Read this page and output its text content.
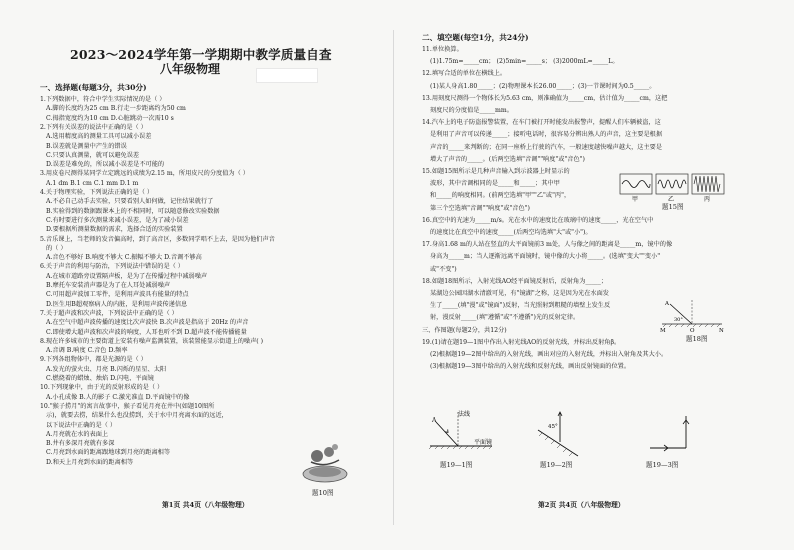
2023～2024学年第一学期期中教学质量自查
八年级物理
一、选择题(每题3分，共30分)
1.下列数据中，符合中学生实际情况的是（ ）
A.脚的长度约为25 cm B.行走一步距离约为50 cm
C.拇指宽度约为10 cm D.心脏跳动一次需10 s
2.下列有关误差的说法中正确的是（ ）
A.选用精度高的测量工具可以减小误差
B.误差就是测量中产生的错误
C.只要认真测量，就可以避免误差
D.误差是难免的，所以减小误差是不可能的
3.用皮卷尺测得某同学立定跳远的成绩为2.15 m，所用皮尺的分度值为（ ）
A.1 dm B.1 cm C.1 mm D.1 m
4.关于物理实验，下列说法正确的是（ ）
A.不必自己动手去实验，只要看别人如何做，记住结果就行了
B.实验得到的数据跟课本上的不相同时，可以随意修改实验数据
C.有时要进行多次测量来减小误差，是为了减小误差
D.要根据所测量数据的需求，选择合适的实验装置
5.音乐课上，当老师的发音偏高时，到了高音区，多数同学唱不上去，是因为他们声音
的（ ）
A.音色不够好 B.响度不够大 C.振幅不够大 D.音调不够高
6.关于声音的利用与防治，下列说法中错误的是（ ）
A.在城市道路旁设置隔声板，是为了在传播过程中减弱噪声
B.摩托车安装消声器是为了在人耳处减弱噪声
C.可用超声波加工零件，是利用声波具有能量的特点
D.医生用B超观察病人的内脏，是利用声波传递信息
7.关于超声波和次声波，下列说法中正确的是（ ）
A.在空气中超声波传播的速度比次声波快 B.次声波是指高于 20Hz 的声音
C.即使增大超声波和次声波的响度，人耳也听不到 D.超声波不能传播能量
8.现在许多城市的主要街道上安装有噪声监测装置，该装置能显示街道上的噪声( )
A.音调 B.响度 C.音色 D.频率
9.下列各组物体中，都是光源的是（ ）
A.发光的萤火虫、月亮 B.闪烁的星星、太阳
C.燃烧着的蜡烛、烛焰 D.闪电、平面镜
10.下列现象中，由于光的反射形成的是（ ）
A.小孔成像 B.人的影子 C.激光准直 D.平面镜中的像
10."猴子捞月"的寓言故事中，猴子看见月亮在井中(如题10图所
示)，就要去捞，结果什么也没捞到，关于水中月亮离水面的远近，
以下说法中正确的是（ ）
A.月亮就在水的表面上
B.井有多深月亮就有多深
C.月亮到水面的距离跟地球到月亮的距离相等
D.和天上月亮到水面的距离相等
题10图
第1页 共4页（八年级物理）
二、填空题(每空1分，共24分)
11.单位换算。
(1)1.75m=_____cm； (2)5min=_____s； (3)2000mL=_____L。
12.填写合适的单位在横线上。
(1)某人身高1.80_____；(2)物理课本长26.00_____；(3)一节课时间为0.5_____。
13.用刻度尺测得一个物体长为5.63 cm，则准确值为_____cm，估计值为_____cm，这把
刻度尺的分度值是_____mm。
14.汽车上的电子防盗报警装置，在车门被打开时能发出报警声，提醒人们车辆被盗，这
是利用了声音可以传递_____；接听电话时，很容易分辨出熟人的声音，这主要是根据
声音的_____来判断的；在同一座桥上行驶的汽车，一般速度越快噪声越大，这主要是
增大了声音的_____。(后两空选填"音调""响度"或"音色")
15.如题15图所示是几种声音输入到示波器上时显示的
波形，其中音调相同的是_____和_____；其中甲
和_____的响度相同。(前两空选填"甲""乙"或"丙"，
第三个空选填"音调""响度"或"音色")
16.真空中的光速为_____m/s。光在水中的速度比在玻璃中的速度_____，光在空气中
的速度比在真空中的速度_____(后两空均选填"大"或"小")。
17.身高1.68 m的人站在竖直的大平面镜前3 m处，人与像之间的距离是_____m，镜中的像
身高为_____m；当人逐渐远离平面镜时，镜中像的大小将_____。(选填"变大""变小"
或"不变")
18.如题18图所示，入射光线AO经平面镜反射后，反射角为_____；
某湖边公园因湖水清澈可见，有"镜湖"之称，这是因为光在水面发
生了_____(填"漫"或"镜面")反射，当光照射到粗糙的墙壁上发生反
射，漫反射_____(填"遵循"或"不遵循")光的反射定律。
三、作图题(每题2分，共12分)
19.(1)请在题19—1图中作出入射光线AO的反射光线，并标出反射角β。
(2)根据题19—2图中给出的入射光线，画出对应的入射光线，并标出入射角及其大小。
(3)根据题19—3图中给出的入射光线和反射光线，画出反射镜面的位置。
甲	乙	丙
题15图
A
M	O	N
30°
题18图
A
法线
平面镜
题19—1图
45°
题19—2图	题19—3图
第2页 共4页（八年级物理）
